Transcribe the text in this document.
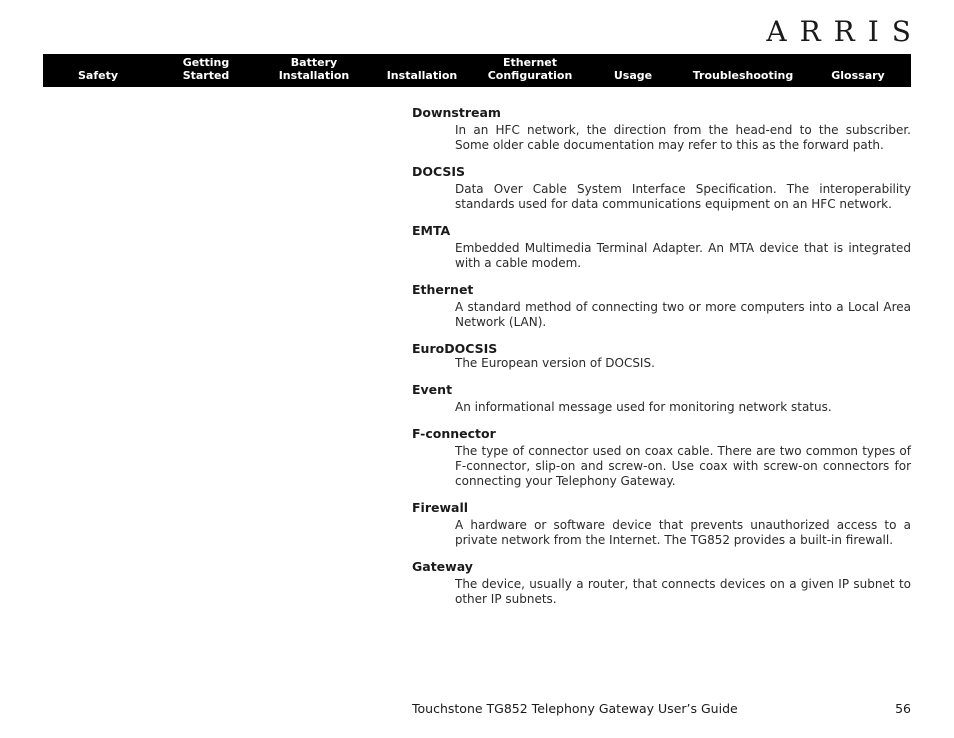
ARRIS
Safety
Getting
Started
Battery
Installation	Installation
Ethernet
Configuration	Usage	Troubleshooting	Glossary
Downstream
In an HFC network, the direction from the head-end to the subscriber. Some older cable documentation may refer to this as the forward path.
DOCSIS
Data Over Cable System Interface Specification. The interoperability standards used for data communications equipment on an HFC network.
EMTA
Embedded Multimedia Terminal Adapter. An MTA device that is integrated with a cable modem.
Ethernet
A standard method of connecting two or more computers into a Local Area Network (LAN).
EuroDOCSIS
The European version of DOCSIS.
Event
An informational message used for monitoring network status.
F-connector
The type of connector used on coax cable. There are two common types of F-connector, slip-on and screw-on. Use coax with screw-on connectors for connecting your Telephony Gateway.
Firewall
A hardware or software device that prevents unauthorized access to a private network from the Internet. The TG852 provides a built-in firewall.
Gateway
The device, usually a router, that connects devices on a given IP subnet to other IP subnets.
Touchstone TG852 Telephony Gateway User’s Guide	56
